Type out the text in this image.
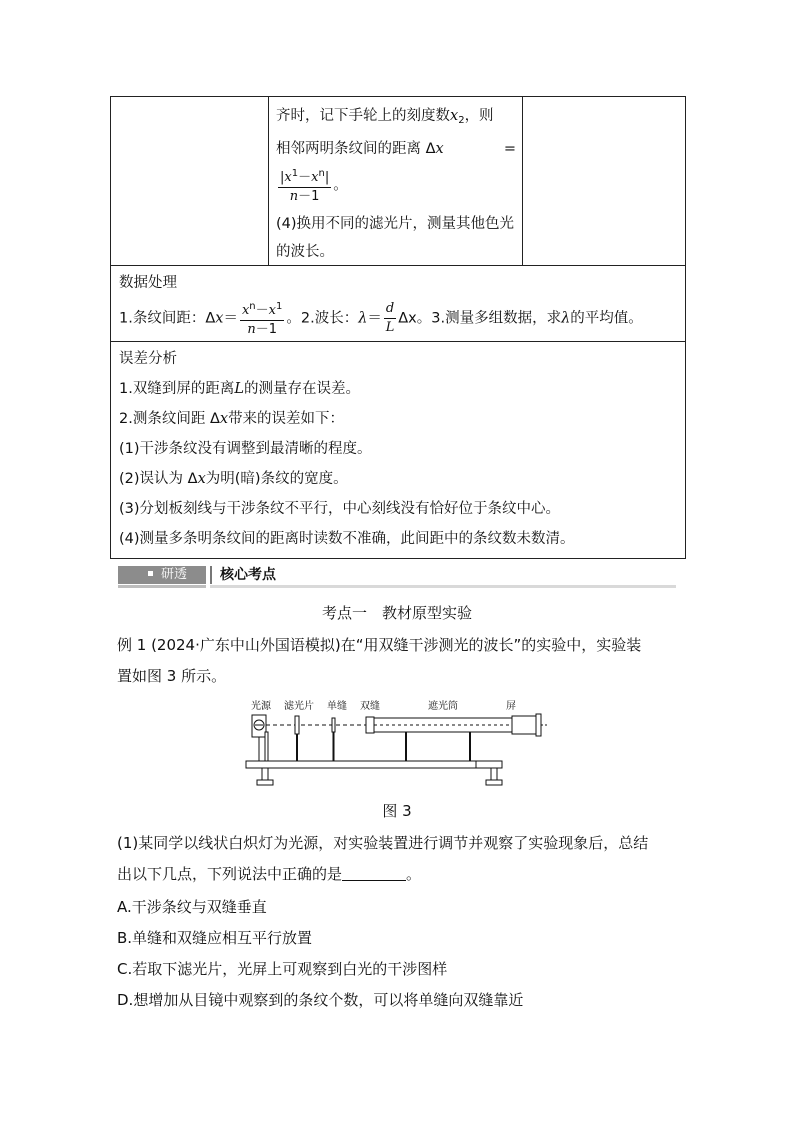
齐时，记下手轮上的刻度数$x_2$，则
相邻两明条纹间的距离 Δx	=
$\frac{|x^1-x^n|}{n-1}$ 。
(4)换用不同的滤光片，测量其他色光的波长。
数据处理
1.条纹间距：$\Delta x= \frac{x^n-x^1}{n-1}$ 。2.波长：$\lambda= \frac{d}{L}$ Δx。3.测量多组数据，求λ的平均值。
误差分析
1.双缝到屏的距离L的测量存在误差。
2.测条纹间距 Δx带来的误差如下：
(1)干涉条纹没有调整到最清晰的程度。
(2)误认为 Δx为明(暗)条纹的宽度。
(3)分划板刻线与干涉条纹不平行，中心刻线没有恰好位于条纹中心。
(4)测量多条明条纹间的距离时读数不准确，此间距中的条纹数未数清。
研透	核心考点
考点一　教材原型实验
例 1 (2024·广东中山外国语模拟)在“用双缝干涉测光的波长”的实验中，实验装
置如图 3 所示。
光源 滤光片 单缝 双缝	遮光筒	屏
图 3
(1)某同学以线状白炽灯为光源，对实验装置进行调节并观察了实验现象后，总结
出以下几点，下列说法中正确的是	。
A.干涉条纹与双缝垂直
B.单缝和双缝应相互平行放置
C.若取下滤光片，光屏上可观察到白光的干涉图样
D.想增加从目镜中观察到的条纹个数，可以将单缝向双缝靠近
